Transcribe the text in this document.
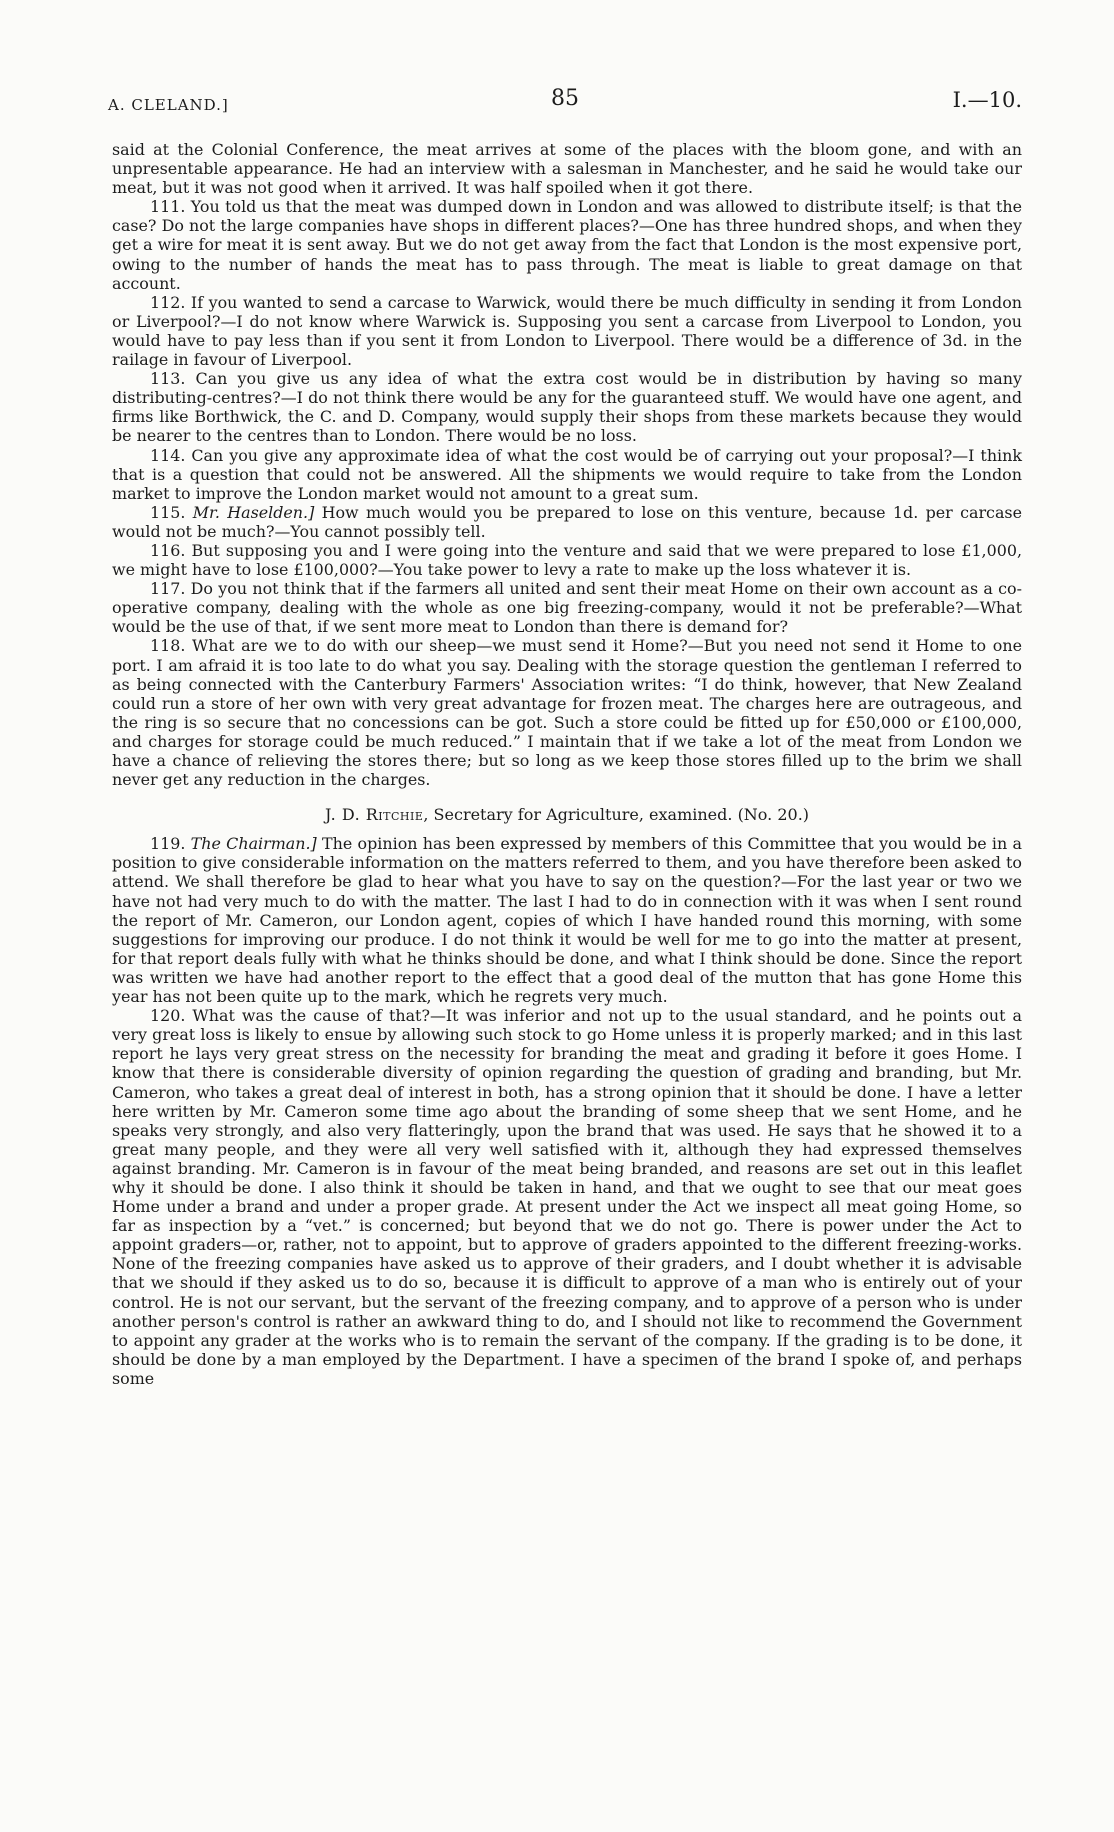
A. CLELAND.]	85	I.—10.

said at the Colonial Conference, the meat arrives at some of the places with the bloom gone, and with an unpresentable appearance. He had an interview with a salesman in Manchester, and he said he would take our meat, but it was not good when it arrived. It was half spoiled when it got there.

111. You told us that the meat was dumped down in London and was allowed to distribute itself; is that the case? Do not the large companies have shops in different places?—One has three hundred shops, and when they get a wire for meat it is sent away. But we do not get away from the fact that London is the most expensive port, owing to the number of hands the meat has to pass through. The meat is liable to great damage on that account.

112. If you wanted to send a carcase to Warwick, would there be much difficulty in sending it from London or Liverpool?—I do not know where Warwick is. Supposing you sent a carcase from Liverpool to London, you would have to pay less than if you sent it from London to Liverpool. There would be a difference of 3d. in the railage in favour of Liverpool.

113. Can you give us any idea of what the extra cost would be in distribution by having so many distributing-centres?—I do not think there would be any for the guaranteed stuff. We would have one agent, and firms like Borthwick, the C. and D. Company, would supply their shops from these markets because they would be nearer to the centres than to London. There would be no loss.

114. Can you give any approximate idea of what the cost would be of carrying out your proposal?—I think that is a question that could not be answered. All the shipments we would require to take from the London market to improve the London market would not amount to a great sum.

115. Mr. Haselden.] How much would you be prepared to lose on this venture, because 1d. per carcase would not be much?—You cannot possibly tell.

116. But supposing you and I were going into the venture and said that we were prepared to lose £1,000, we might have to lose £100,000?—You take power to levy a rate to make up the loss whatever it is.

117. Do you not think that if the farmers all united and sent their meat Home on their own account as a co-operative company, dealing with the whole as one big freezing-company, would it not be preferable?—What would be the use of that, if we sent more meat to London than there is demand for?

118. What are we to do with our sheep—we must send it Home?—But you need not send it Home to one port. I am afraid it is too late to do what you say. Dealing with the storage question the gentleman I referred to as being connected with the Canterbury Farmers' Association writes: “I do think, however, that New Zealand could run a store of her own with very great advantage for frozen meat. The charges here are outrageous, and the ring is so secure that no concessions can be got. Such a store could be fitted up for £50,000 or £100,000, and charges for storage could be much reduced.” I maintain that if we take a lot of the meat from London we have a chance of relieving the stores there; but so long as we keep those stores filled up to the brim we shall never get any reduction in the charges.

J. D. Ritchie, Secretary for Agriculture, examined. (No. 20.)

119. The Chairman.] The opinion has been expressed by members of this Committee that you would be in a position to give considerable information on the matters referred to them, and you have therefore been asked to attend. We shall therefore be glad to hear what you have to say on the question?—For the last year or two we have not had very much to do with the matter. The last I had to do in connection with it was when I sent round the report of Mr. Cameron, our London agent, copies of which I have handed round this morning, with some suggestions for improving our produce. I do not think it would be well for me to go into the matter at present, for that report deals fully with what he thinks should be done, and what I think should be done. Since the report was written we have had another report to the effect that a good deal of the mutton that has gone Home this year has not been quite up to the mark, which he regrets very much.

120. What was the cause of that?—It was inferior and not up to the usual standard, and he points out a very great loss is likely to ensue by allowing such stock to go Home unless it is properly marked; and in this last report he lays very great stress on the necessity for branding the meat and grading it before it goes Home. I know that there is considerable diversity of opinion regarding the question of grading and branding, but Mr. Cameron, who takes a great deal of interest in both, has a strong opinion that it should be done. I have a letter here written by Mr. Cameron some time ago about the branding of some sheep that we sent Home, and he speaks very strongly, and also very flatteringly, upon the brand that was used. He says that he showed it to a great many people, and they were all very well satisfied with it, although they had expressed themselves against branding. Mr. Cameron is in favour of the meat being branded, and reasons are set out in this leaflet why it should be done. I also think it should be taken in hand, and that we ought to see that our meat goes Home under a brand and under a proper grade. At present under the Act we inspect all meat going Home, so far as inspection by a “vet.” is concerned; but beyond that we do not go. There is power under the Act to appoint graders—or, rather, not to appoint, but to approve of graders appointed to the different freezing-works. None of the freezing companies have asked us to approve of their graders, and I doubt whether it is advisable that we should if they asked us to do so, because it is difficult to approve of a man who is entirely out of your control. He is not our servant, but the servant of the freezing company, and to approve of a person who is under another person's control is rather an awkward thing to do, and I should not like to recommend the Government to appoint any grader at the works who is to remain the servant of the company. If the grading is to be done, it should be done by a man employed by the Department. I have a specimen of the brand I spoke of, and perhaps some
